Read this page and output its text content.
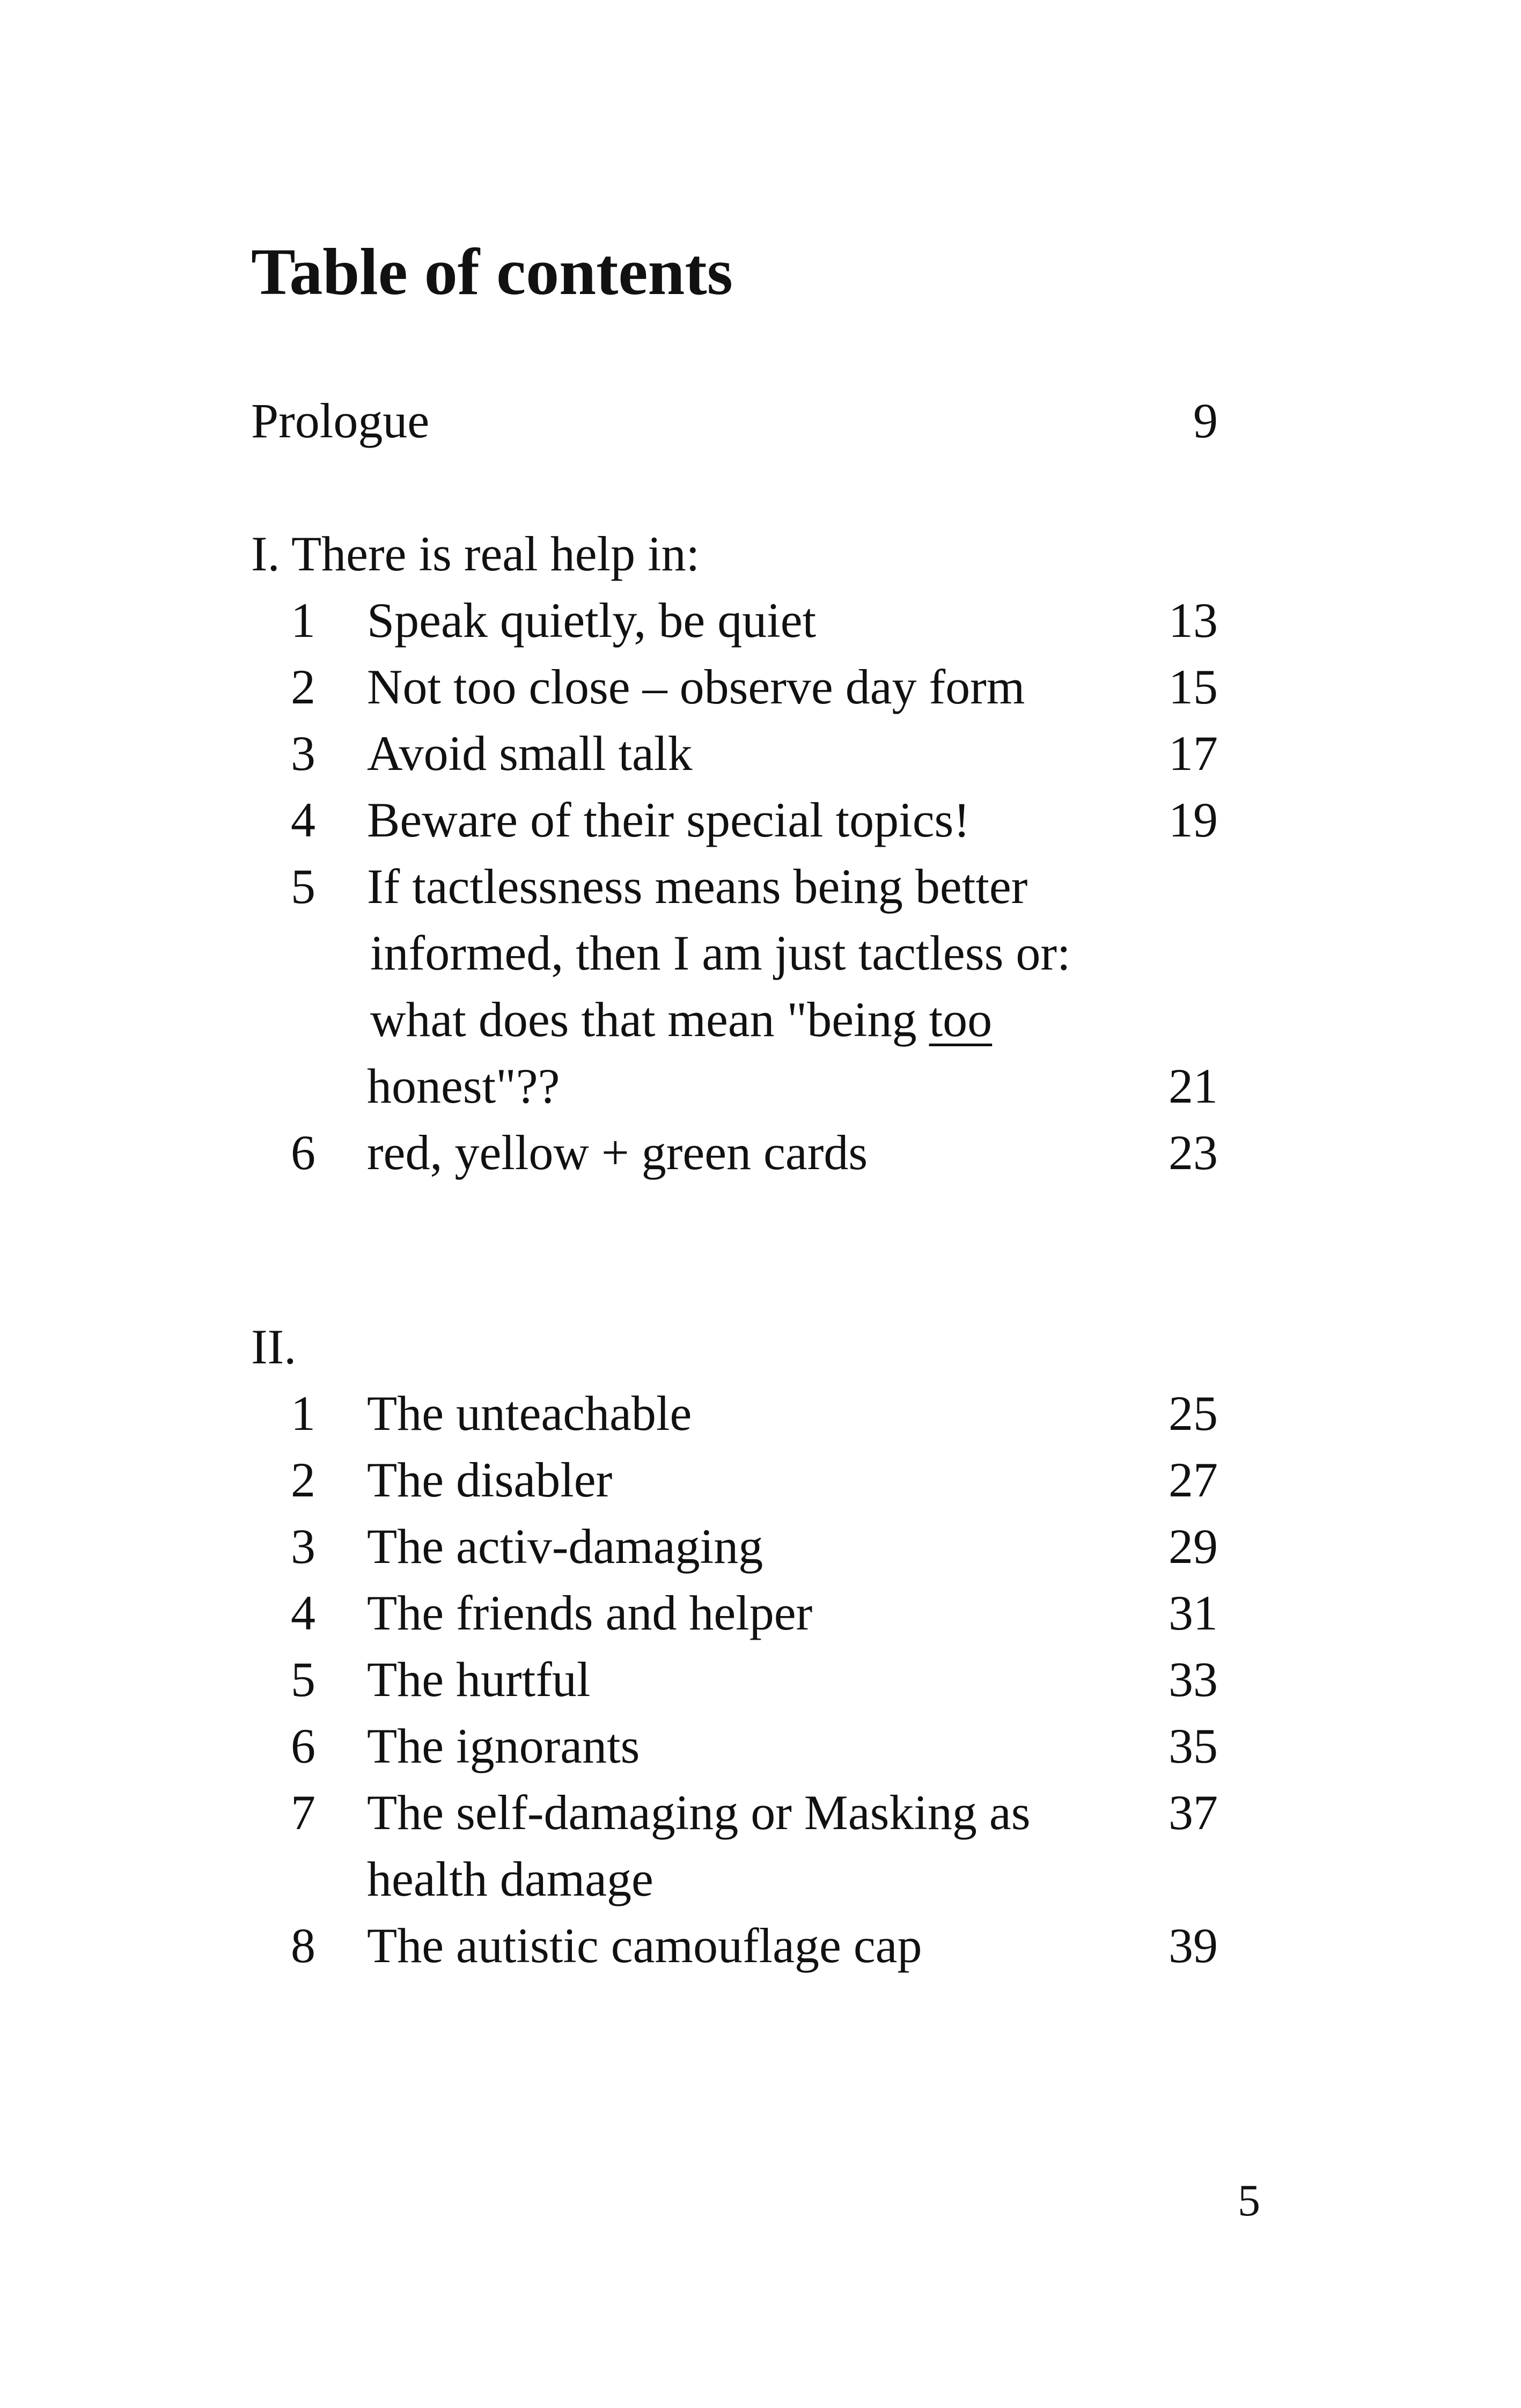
Table of contents
Prologue	9
I. There is real help in:
1 Speak quietly, be quiet	13
2 Not too close – observe day form	15
3 Avoid small talk	17
4 Beware of their special topics!	19
5 If tactlessness means being better
informed, then I am just tactless or:
what does that mean "being too
honest"??	21
6 red, yellow + green cards	23
II.
1 The unteachable	25
2 The disabler	27
3 The activ-damaging	29
4 The friends and helper	31
5 The hurtful	33
6 The ignorants	35
7 The self-damaging or Masking as	37
health damage
8 The autistic camouflage cap	39
5
